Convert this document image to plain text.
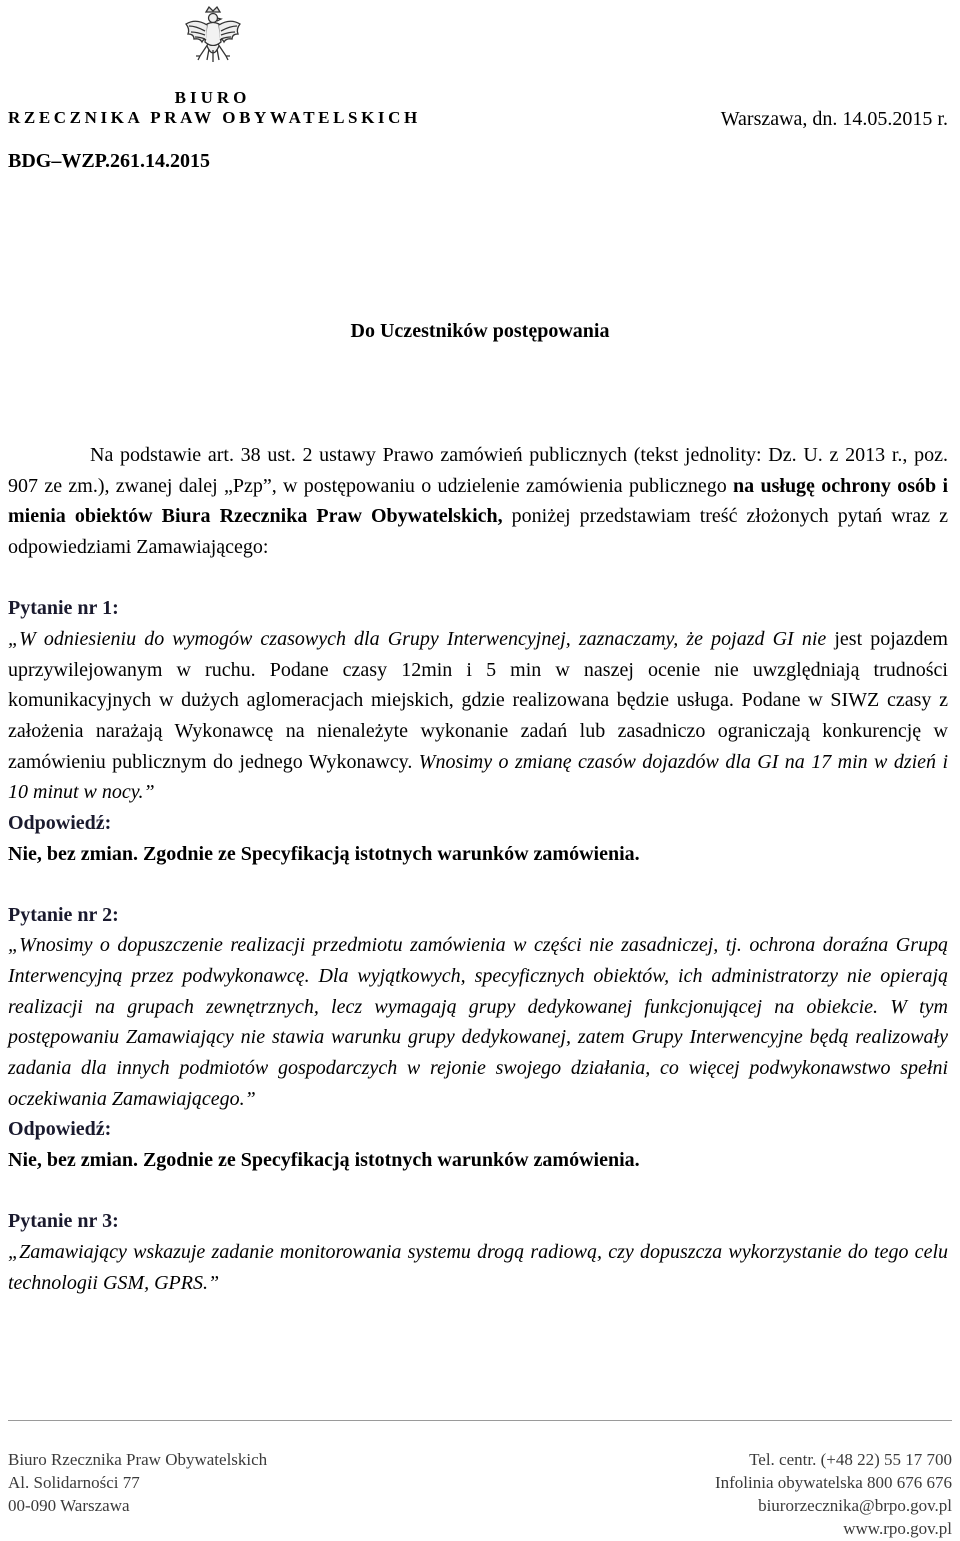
BIURO
RZECZNIKA PRAW OBYWATELSKICH	Warszawa, dn. 14.05.2015 r.
BDG–WZP.261.14.2015
Do Uczestników postępowania

Na podstawie art. 38 ust. 2 ustawy Prawo zamówień publicznych (tekst jednolity: Dz. U. z 2013 r., poz. 907 ze zm.), zwanej dalej „Pzp”, w postępowaniu o udzielenie zamówienia publicznego na usługę ochrony osób i mienia obiektów Biura Rzecznika Praw Obywatelskich, poniżej przedstawiam treść złożonych pytań wraz z odpowiedziami Zamawiającego:

Pytanie nr 1:

„W odniesieniu do wymogów czasowych dla Grupy Interwencyjnej, zaznaczamy, że pojazd GI nie jest pojazdem uprzywilejowanym w ruchu. Podane czasy 12min i 5 min w naszej ocenie nie uwzględniają trudności komunikacyjnych w dużych aglomeracjach miejskich, gdzie realizowana będzie usługa. Podane w SIWZ czasy z założenia narażają Wykonawcę na nienależyte wykonanie zadań lub zasadniczo ograniczają konkurencję w zamówieniu publicznym do jednego Wykonawcy. Wnosimy o zmianę czasów dojazdów dla GI na 17 min w dzień i 10 minut w nocy.”

Odpowiedź:

Nie, bez zmian. Zgodnie ze Specyfikacją istotnych warunków zamówienia.

Pytanie nr 2:

„Wnosimy o dopuszczenie realizacji przedmiotu zamówienia w części nie zasadniczej, tj. ochrona doraźna Grupą Interwencyjną przez podwykonawcę. Dla wyjątkowych, specyficznych obiektów, ich administratorzy nie opierają realizacji na grupach zewnętrznych, lecz wymagają grupy dedykowanej funkcjonującej na obiekcie. W tym postępowaniu Zamawiający nie stawia warunku grupy dedykowanej, zatem Grupy Interwencyjne będą realizowały zadania dla innych podmiotów gospodarczych w rejonie swojego działania, co więcej podwykonawstwo spełni oczekiwania Zamawiającego.”

Odpowiedź:

Nie, bez zmian. Zgodnie ze Specyfikacją istotnych warunków zamówienia.

Pytanie nr 3:

„Zamawiający wskazuje zadanie monitorowania systemu drogą radiową, czy dopuszcza wykorzystanie do tego celu technologii GSM, GPRS.”

Biuro Rzecznika Praw Obywatelskich
Al. Solidarności 77
00-090 Warszawa
Tel. centr. (+48 22) 55 17 700
Infolinia obywatelska 800 676 676
biurorzecznika@brpo.gov.pl
www.rpo.gov.pl
